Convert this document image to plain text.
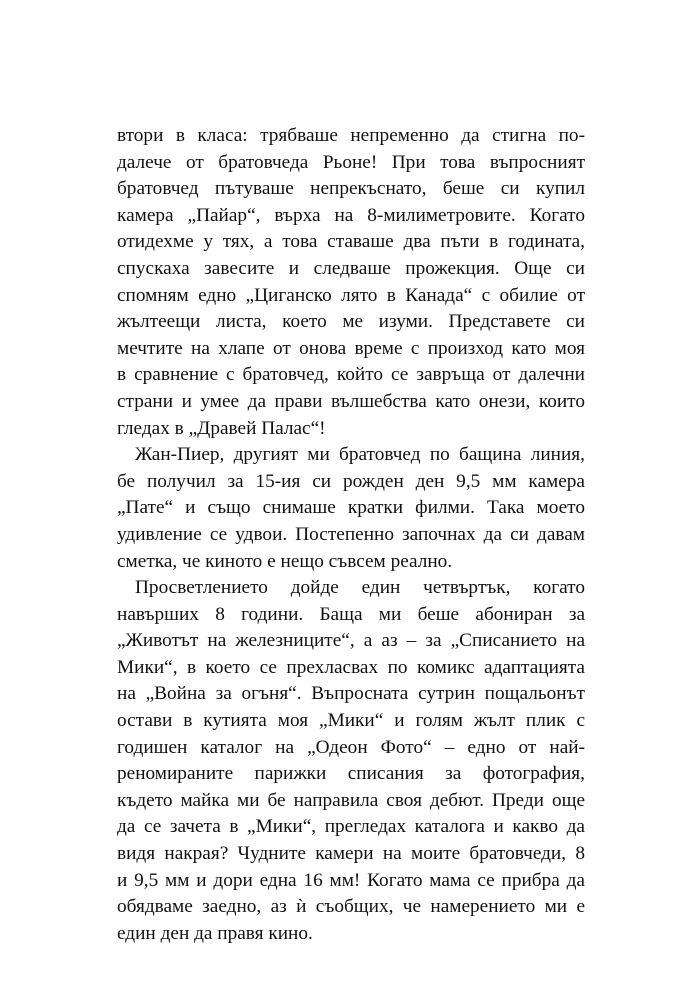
втори в класа: трябваше непременно да стигна по-
далече от братовчеда Рьоне! При това въпросният
братовчед пътуваше непрекъснато, беше си купил
камера „Пайар“, върха на 8-милиметровите. Когато
отидехме у тях, а това ставаше два пъти в годината,
спускаха завесите и следваше прожекция. Още си
спомням едно „Циганско лято в Канада“ с обилие от
жълтеещи листа, което ме изуми. Представете си
мечтите на хлапе от онова време с произход като моя
в сравнение с братовчед, който се завръща от далечни
страни и умее да прави вълшебства като онези, които
гледах в „Дравей Палас“!
Жан-Пиер, другият ми братовчед по бащина линия,
бе получил за 15-ия си рожден ден 9,5 мм камера
„Пате“ и също снимаше кратки филми. Така моето
удивление се удвои. Постепенно започнах да си давам
сметка, че киното е нещо съвсем реално.
Просветлението дойде един четвъртък, когато
навърших 8 години. Баща ми беше абониран за
„Животът на железниците“, а аз – за „Списанието на
Мики“, в което се прехласвах по комикс адаптацията
на „Война за огъня“. Въпросната сутрин пощальонът
остави в кутията моя „Мики“ и голям жълт плик с
годишен каталог на „Одеон Фото“ – едно от най-
реномираните парижки списания за фотография,
където майка ми бе направила своя дебют. Преди още
да се зачета в „Мики“, прегледах каталога и какво да
видя накрая? Чудните камери на моите братовчеди, 8
и 9,5 мм и дори една 16 мм! Когато мама се прибра да
обядваме заедно, аз ѝ съобщих, че намерението ми е
един ден да правя кино.
